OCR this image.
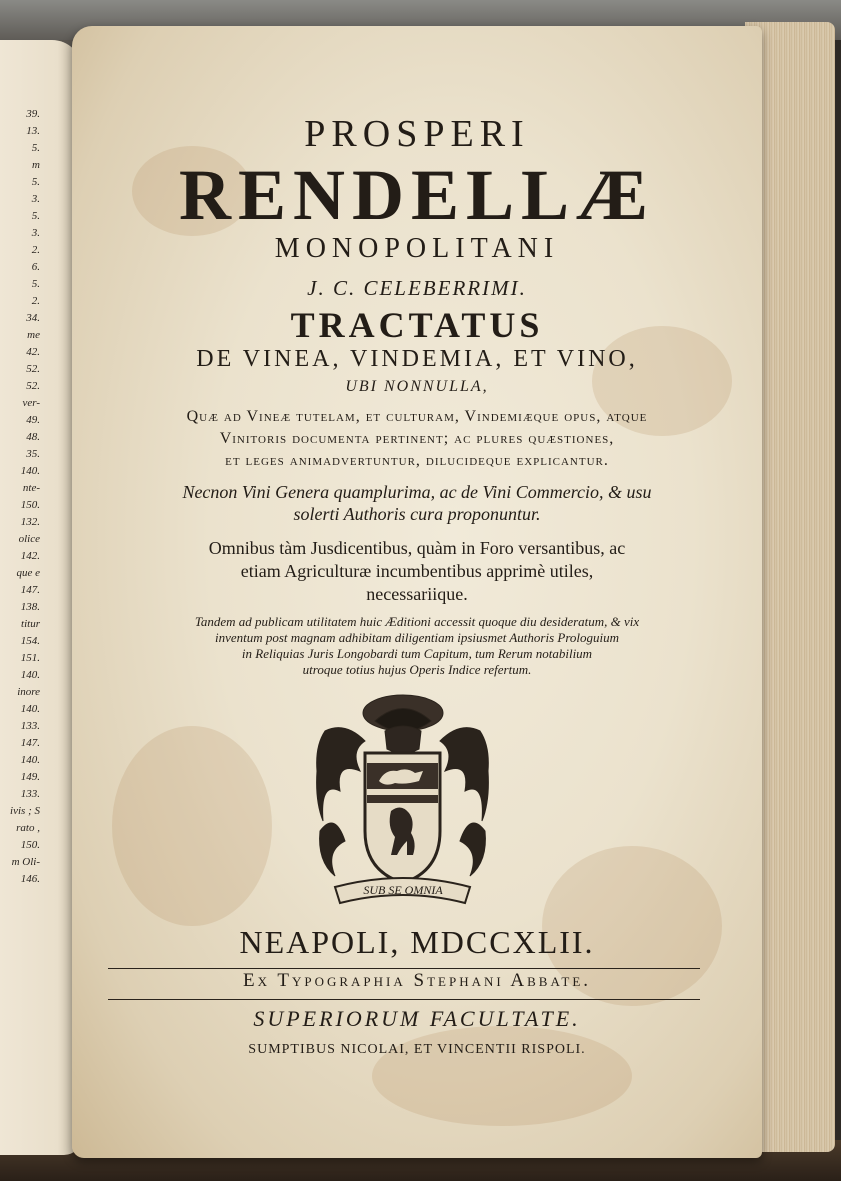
39.
13.
5.
m
5.
3.
5.
3.
2.
6.
5.
2.
34.
me
42.
52.
52.
ver-
49.
48.
35.
140.
nte-
150.
132.
olice
142.
que e
147.
138.
titur
154.
151.
140.
inore
140.
133.
147.
140.
149.
133.
ivis ; S
rato ,
150.
m Oli-
146.
PROSPERI
RENDELLÆ
MONOPOLITANI
J. C. CELEBERRIMI.
TRACTATUS
DE VINEA, VINDEMIA, ET VINO,
UBI NONNULLA,
Quæ ad Vineæ tutelam, et culturam, Vindemiæque opus, atque
Vinitoris documenta pertinent; ac plures quæstiones,
et leges animadvertuntur, dilucideque explicantur.
Necnon Vini Genera quamplurima, ac de Vini Commercio, & usu
solerti Authoris cura proponuntur.
Omnibus tàm Jusdicentibus, quàm in Foro versantibus, ac
etiam Agriculturæ incumbentibus apprimè utiles,
necessariique.
Tandem ad publicam utilitatem huic Æditioni accessit quoque diu desideratum, & vix
inventum post magnam adhibitam diligentiam ipsiusmet Authoris Prologuium
in Reliquias Juris Longobardi tum Capitum, tum Rerum notabilium
utroque totius hujus Operis Indice refertum.
SUB SE OMNIA
NEAPOLI, MDCCXLII.
Ex Typographia Stephani Abbate.
SUPERIORUM FACULTATE.
SUMPTIBUS NICOLAI, ET VINCENTII RISPOLI.
